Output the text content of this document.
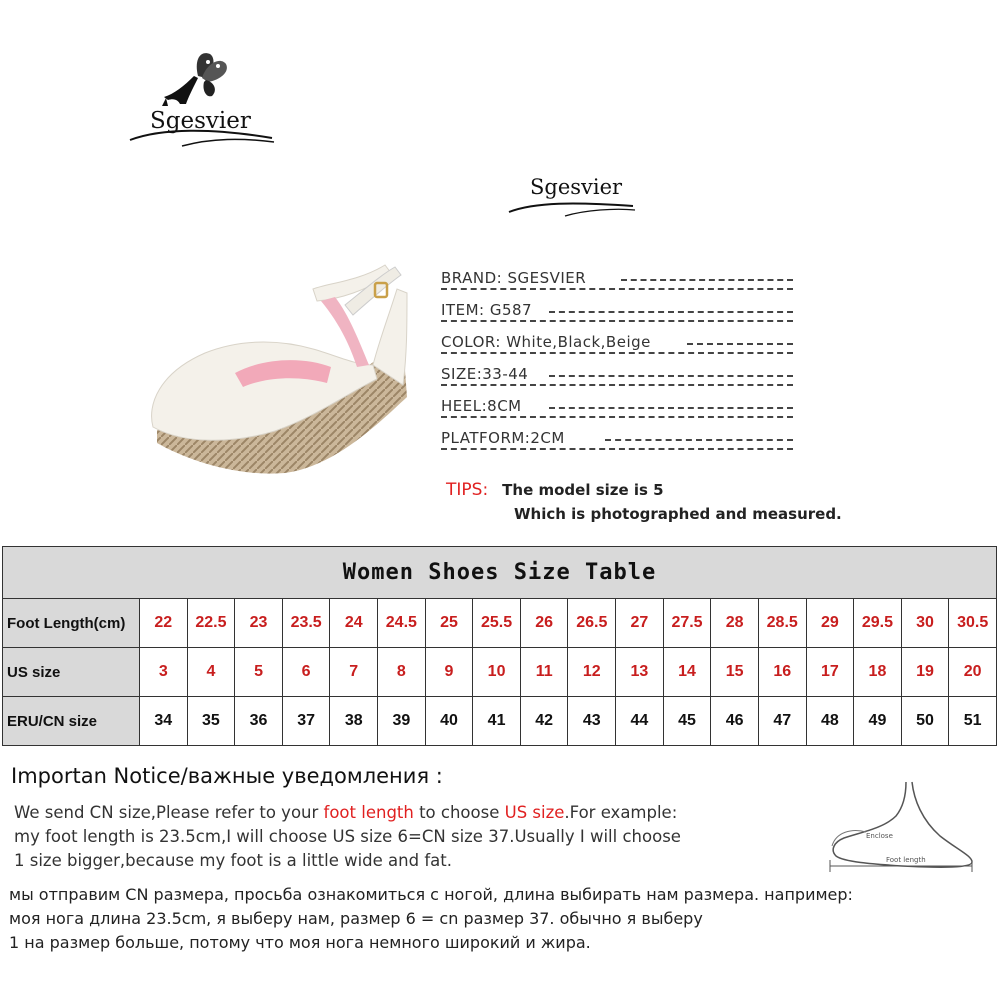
Sgesvier
Sgesvier
BRAND: SGESVIER
ITEM: G587
COLOR: White,Black,Beige
SIZE:33-44
HEEL:8CM
PLATFORM:2CM
TIPS: The model size is 5
Which is photographed and measured.
Women Shoes Size Table																		
Foot Length(cm)	22	22.5	23	23.5	24	24.5	25	25.5	26	26.5	27	27.5	28	28.5	29	29.5	30	30.5
US size	3	4	5	6	7	8	9	10	11	12	13	14	15	16	17	18	19	20
ERU/CN size	34	35	36	37	38	39	40	41	42	43	44	45	46	47	48	49	50	51
Importan Notice/важные уведомления :
We send CN size,Please refer to your foot length to choose US size.For example:
my foot length is 23.5cm,I will choose US size 6=CN size 37.Usually I will choose
1 size bigger,because my foot is a little wide and fat.
мы отправим CN размера, просьба ознакомиться с ногой, длина выбирать нам размера. например:
моя нога длина 23.5cm, я выберу нам, размер 6 = cn размер 37. обычно я выберу
1 на размер больше, потому что моя нога немного широкий и жира.
Enclose
Foot length
